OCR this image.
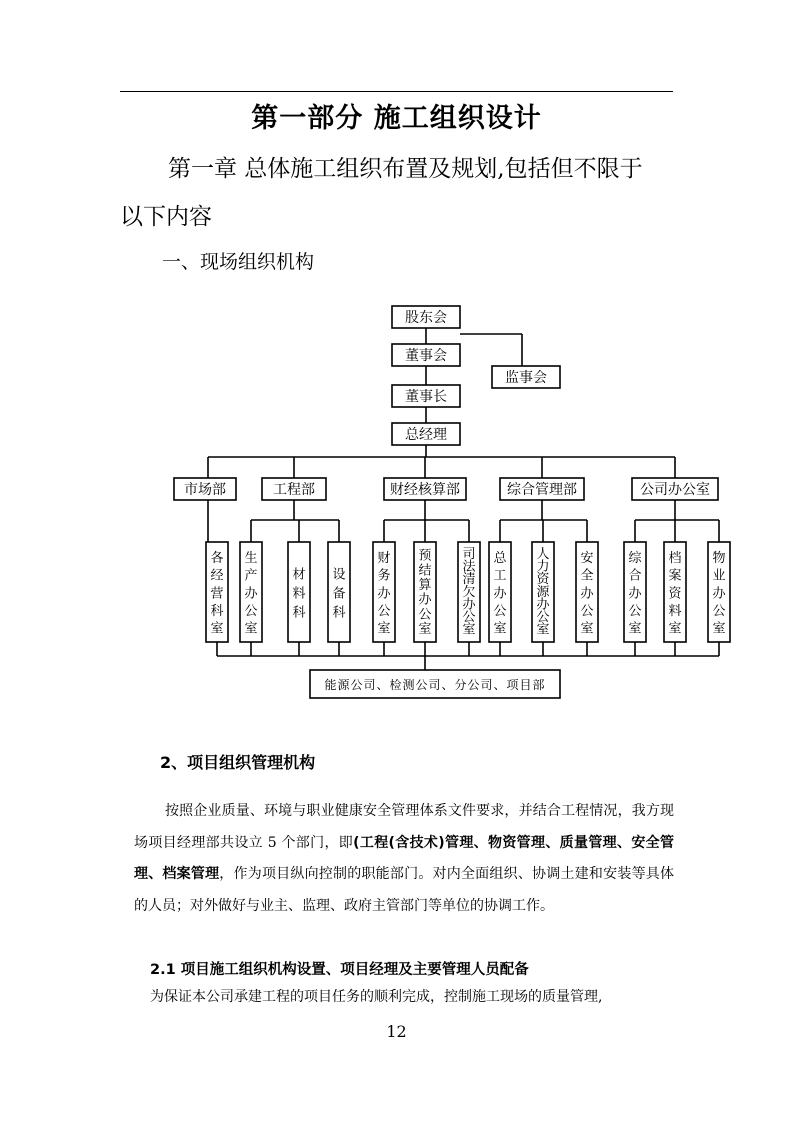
第一部分 施工组织设计
第一章 总体施工组织布置及规划,包括但不限于
以下内容
一、现场组织机构
股东会
董事会
董事长
总经理
监事会
市场部
各
经
营
科
室
工程部
生
产
办
公
室
材
料
科
设
备
科
财经核算部
财
务
办
公
室
预
结
算
办
公
室
司
法
清
欠
办
公
室
综合管理部
总
工
办
公
室
人
力
资
源
办
公
室
安
全
办
公
室
公司办公室
综
合
办
公
室
档
案
资
料
室
物
业
办
公
室
能源公司、检测公司、分公司、项目部
2、项目组织管理机构

按照企业质量、环境与职业健康安全管理体系文件要求，并结合工程情况，我方现场项目经理部共设立 5 个部门，即(工程(含技术)管理、物资管理、质量管理、安全管理、档案管理，作为项目纵向控制的职能部门。对内全面组织、协调土建和安装等具体的人员；对外做好与业主、监理、政府主管部门等单位的协调工作。

2.1 项目施工组织机构设置、项目经理及主要管理人员配备
为保证本公司承建工程的项目任务的顺利完成，控制施工现场的质量管理,
12
